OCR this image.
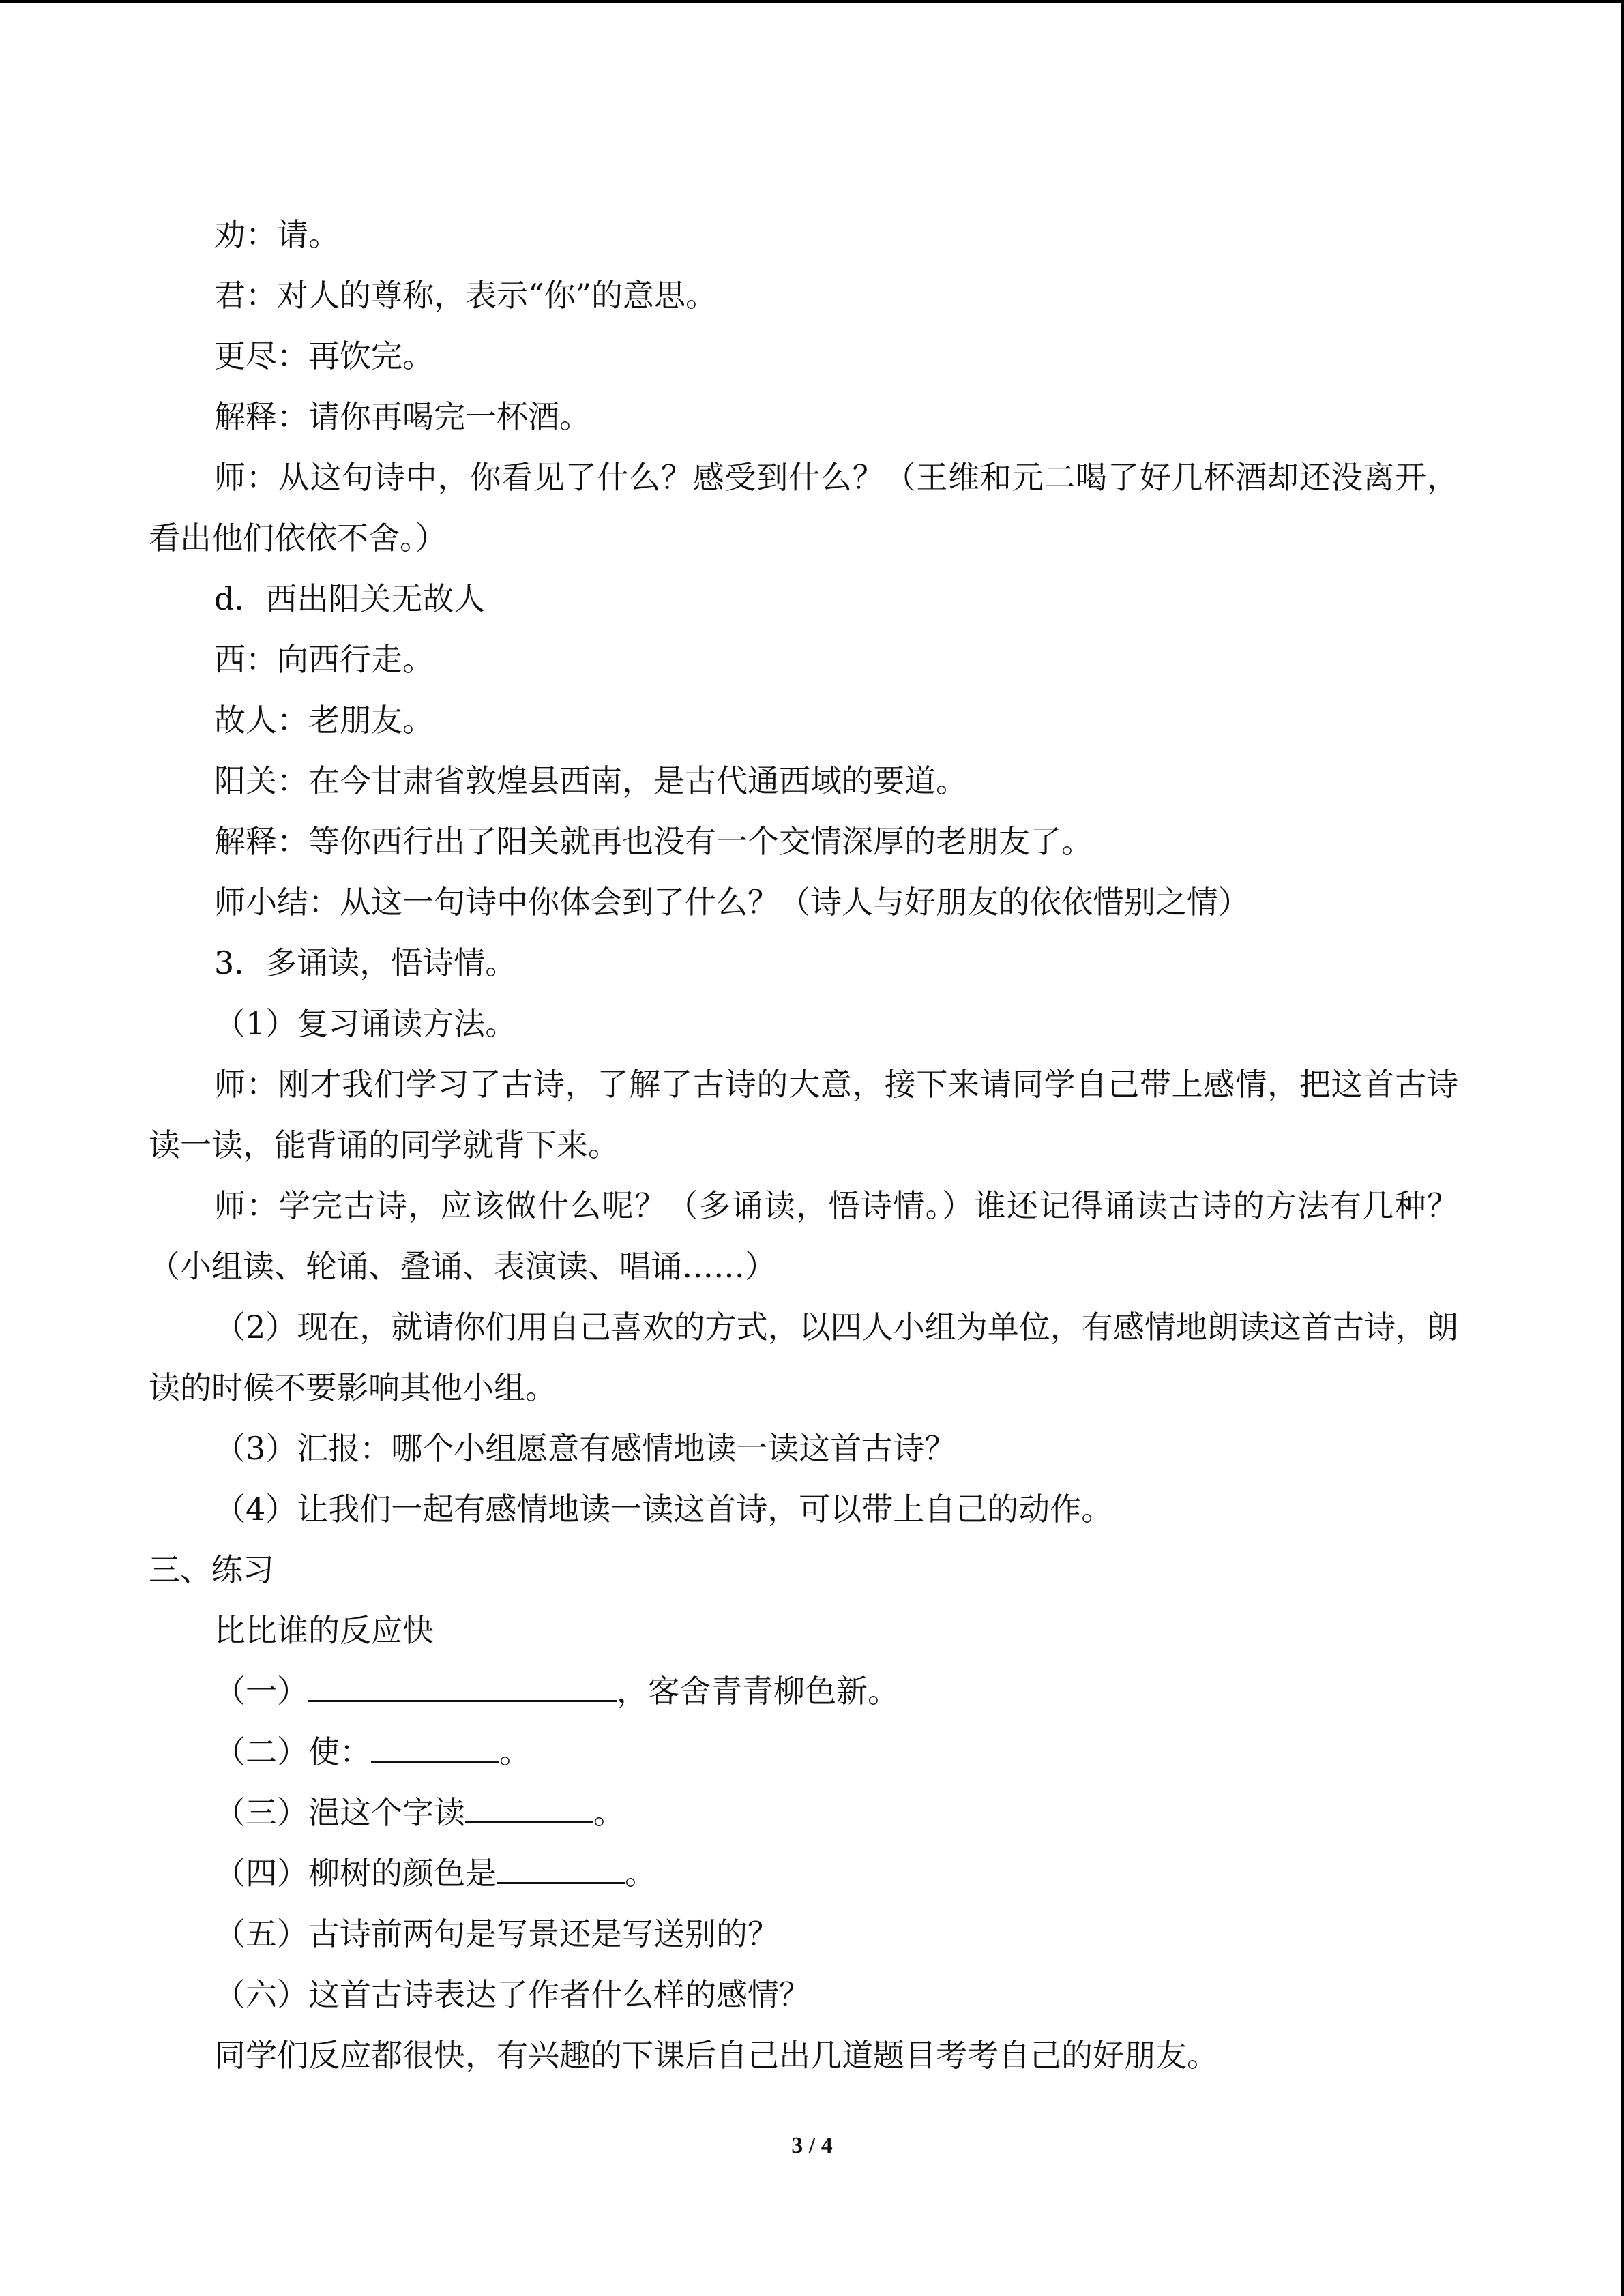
劝：请。

君：对人的尊称，表示“你”的意思。

更尽：再饮完。

解释：请你再喝完一杯酒。

师：从这句诗中，你看见了什么？感受到什么？（王维和元二喝了好几杯酒却还没离开，看出他们依依不舍。）

d．西出阳关无故人

西：向西行走。

故人：老朋友。

阳关：在今甘肃省敦煌县西南，是古代通西域的要道。

解释：等你西行出了阳关就再也没有一个交情深厚的老朋友了。

师小结：从这一句诗中你体会到了什么？（诗人与好朋友的依依惜别之情）

3．多诵读，悟诗情。

（1）复习诵读方法。

师：刚才我们学习了古诗，了解了古诗的大意，接下来请同学自己带上感情，把这首古诗读一读，能背诵的同学就背下来。

师：学完古诗，应该做什么呢？（多诵读，悟诗情。）谁还记得诵读古诗的方法有几种？（小组读、轮诵、叠诵、表演读、唱诵……）

（2）现在，就请你们用自己喜欢的方式，以四人小组为单位，有感情地朗读这首古诗，朗读的时候不要影响其他小组。

（3）汇报：哪个小组愿意有感情地读一读这首古诗？

（4）让我们一起有感情地读一读这首诗，可以带上自己的动作。

三、练习

比比谁的反应快

（一）	，客舍青青柳色新。

（二）使：	。

（三）浥这个字读	。

（四）柳树的颜色是	。

（五）古诗前两句是写景还是写送别的？

（六）这首古诗表达了作者什么样的感情？

同学们反应都很快，有兴趣的下课后自己出几道题目考考自己的好朋友。

3 / 4
